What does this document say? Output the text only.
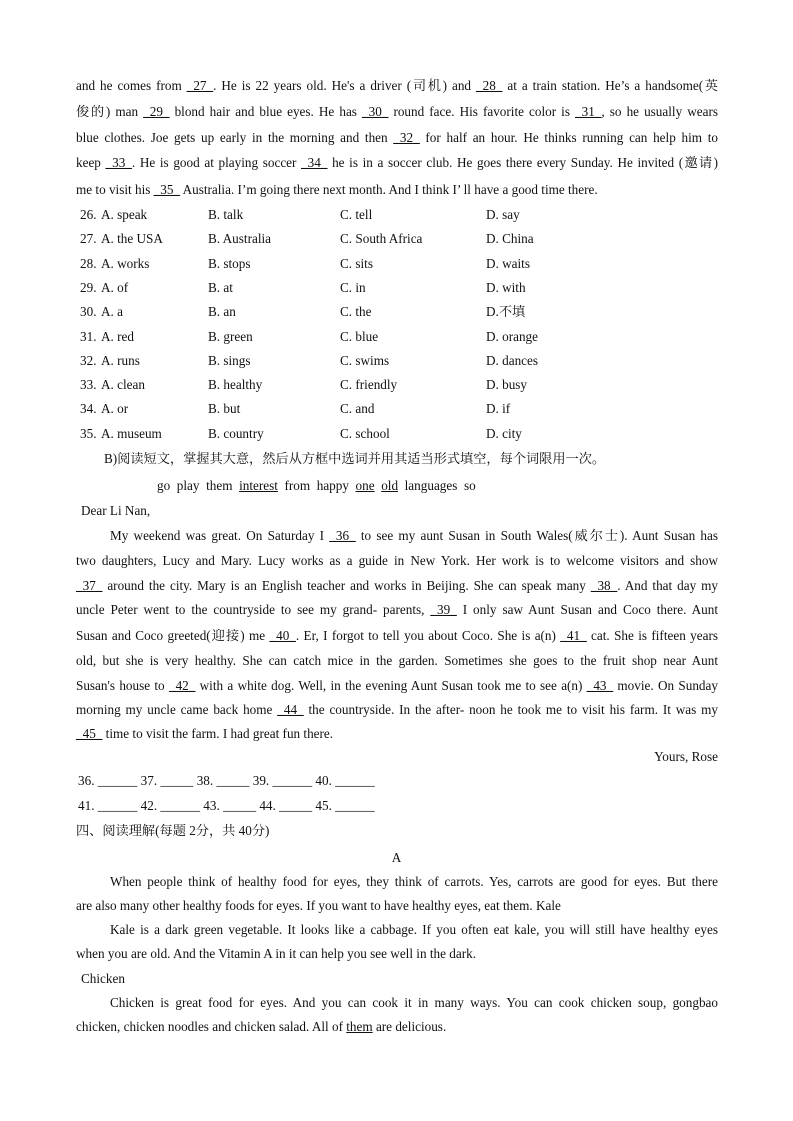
and he comes from _27_. He is 22 years old. He's a driver (司机) and _28_ at a train station. He’s a handsome(英
俊的) man _29_ blond hair and blue eyes. He has _30_ round face. His favorite color is _31_, so he usually wears
blue clothes. Joe gets up early in the morning and then _32_ for half an hour. He thinks running can help him to
keep _33_. He is good at playing soccer _34_ he is in a soccer club. He goes there every Sunday. He invited (邀请)
me to visit his _35_ Australia. I’m going there next month. And I think I’ ll have a good time there.
26. A. speak	B. talk	C. tell	D. say
27. A. the USA	B. Australia	C. South Africa	D. China
28. A. works	B. stops	C. sits	D. waits
29. A. of	B. at	C. in	D. with
30. A. a	B. an	C. the	D.不填
31. A. red	B. green	C. blue	D. orange
32. A. runs	B. sings	C. swims	D. dances
33. A. clean	B. healthy	C. friendly	D. busy
34. A. or	B. but	C. and	D. if
35. A. museum	B. country	C. school	D. city
B)阅读短文，掌握其大意，然后从方框中选词并用其适当形式填空，每个词限用一次。
go play them interest from happy one old languages so
Dear Li Nan,
My weekend was great. On Saturday I _36_ to see my aunt Susan in South Wales(威尔士). Aunt Susan has
two daughters, Lucy and Mary. Lucy works as a guide in New York. Her work is to welcome visitors and show
_37_ around the city. Mary is an English teacher and works in Beijing. She can speak many _38_. And that day my
uncle Peter went to the countryside to see my grand- parents, _39_ I only saw Aunt Susan and Coco there. Aunt
Susan and Coco greeted(迎接) me _40_. Er, I forgot to tell you about Coco. She is a(n) _41_ cat. She is fifteen years
old, but she is very healthy. She can catch mice in the garden. Sometimes she goes to the fruit shop near Aunt
Susan's house to _42_ with a white dog. Well, in the evening Aunt Susan took me to see a(n) _43_ movie. On Sunday
morning my uncle came back home _44_ the countryside. In the after- noon he took me to visit his farm. It was my
_45_ time to visit the farm. I had great fun there.
Yours, Rose
36. ______ 37. _____ 38. _____ 39. ______ 40. ______
41. ______ 42. ______ 43. _____ 44. _____ 45. ______
四、阅读理解(每题 2分，共 40分)
A
When people think of healthy food for eyes, they think of carrots. Yes, carrots are good for eyes. But there
are also many other healthy foods for eyes. If you want to have healthy eyes, eat them. Kale
Kale is a dark green vegetable. It looks like a cabbage. If you often eat kale, you will still have healthy eyes
when you are old. And the Vitamin A in it can help you see well in the dark.
Chicken
Chicken is great food for eyes. And you can cook it in many ways. You can cook chicken soup, gongbao
chicken, chicken noodles and chicken salad. All of them are delicious.
